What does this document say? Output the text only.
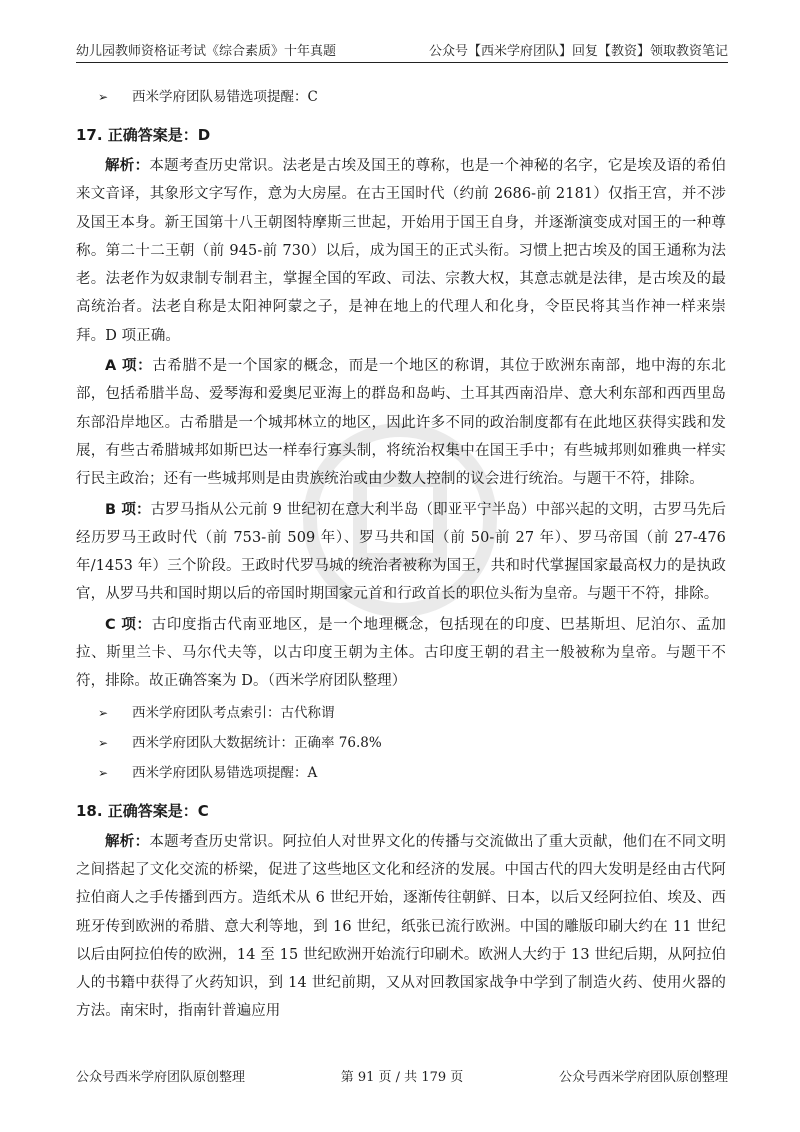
幼儿园教师资格证考试《综合素质》十年真题	公众号【西米学府团队】回复【教资】领取教资笔记
➢ 西米学府团队易错选项提醒：C
17. 正确答案是：D

解析：本题考查历史常识。法老是古埃及国王的尊称，也是一个神秘的名字，它是埃及语的希伯来文音译，其象形文字写作，意为大房屋。在古王国时代（约前 2686-前 2181）仅指王宫，并不涉及国王本身。新王国第十八王朝图特摩斯三世起，开始用于国王自身，并逐渐演变成对国王的一种尊称。第二十二王朝（前 945-前 730）以后，成为国王的正式头衔。习惯上把古埃及的国王通称为法老。法老作为奴隶制专制君主，掌握全国的军政、司法、宗教大权，其意志就是法律，是古埃及的最高统治者。法老自称是太阳神阿蒙之子，是神在地上的代理人和化身，令臣民将其当作神一样来崇拜。D 项正确。

A 项：古希腊不是一个国家的概念，而是一个地区的称谓，其位于欧洲东南部，地中海的东北部，包括希腊半岛、爱琴海和爱奥尼亚海上的群岛和岛屿、土耳其西南沿岸、意大利东部和西西里岛东部沿岸地区。古希腊是一个城邦林立的地区，因此许多不同的政治制度都有在此地区获得实践和发展，有些古希腊城邦如斯巴达一样奉行寡头制，将统治权集中在国王手中；有些城邦则如雅典一样实行民主政治；还有一些城邦则是由贵族统治或由少数人控制的议会进行统治。与题干不符，排除。

B 项：古罗马指从公元前 9 世纪初在意大利半岛（即亚平宁半岛）中部兴起的文明，古罗马先后经历罗马王政时代（前 753-前 509 年）、罗马共和国（前 50-前 27 年）、罗马帝国（前 27-476 年/1453 年）三个阶段。王政时代罗马城的统治者被称为国王，共和时代掌握国家最高权力的是执政官，从罗马共和国时期以后的帝国时期国家元首和行政首长的职位头衔为皇帝。与题干不符，排除。

C 项：古印度指古代南亚地区，是一个地理概念，包括现在的印度、巴基斯坦、尼泊尔、孟加拉、斯里兰卡、马尔代夫等，以古印度王朝为主体。古印度王朝的君主一般被称为皇帝。与题干不符，排除。故正确答案为 D。（西米学府团队整理）

➢ 西米学府团队考点索引：古代称谓
➢ 西米学府团队大数据统计：正确率 76.8%
➢ 西米学府团队易错选项提醒：A
18. 正确答案是：C

解析：本题考查历史常识。阿拉伯人对世界文化的传播与交流做出了重大贡献，他们在不同文明之间搭起了文化交流的桥梁，促进了这些地区文化和经济的发展。中国古代的四大发明是经由古代阿拉伯商人之手传播到西方。造纸术从 6 世纪开始，逐渐传往朝鲜、日本，以后又经阿拉伯、埃及、西班牙传到欧洲的希腊、意大利等地，到 16 世纪，纸张已流行欧洲。中国的雕版印刷大约在 11 世纪以后由阿拉伯传的欧洲，14 至 15 世纪欧洲开始流行印刷术。欧洲人大约于 13 世纪后期，从阿拉伯人的书籍中获得了火药知识，到 14 世纪前期，又从对回教国家战争中学到了制造火药、使用火器的方法。南宋时，指南针普遍应用

公众号西米学府团队原创整理	第 91 页 / 共 179 页	公众号西米学府团队原创整理
